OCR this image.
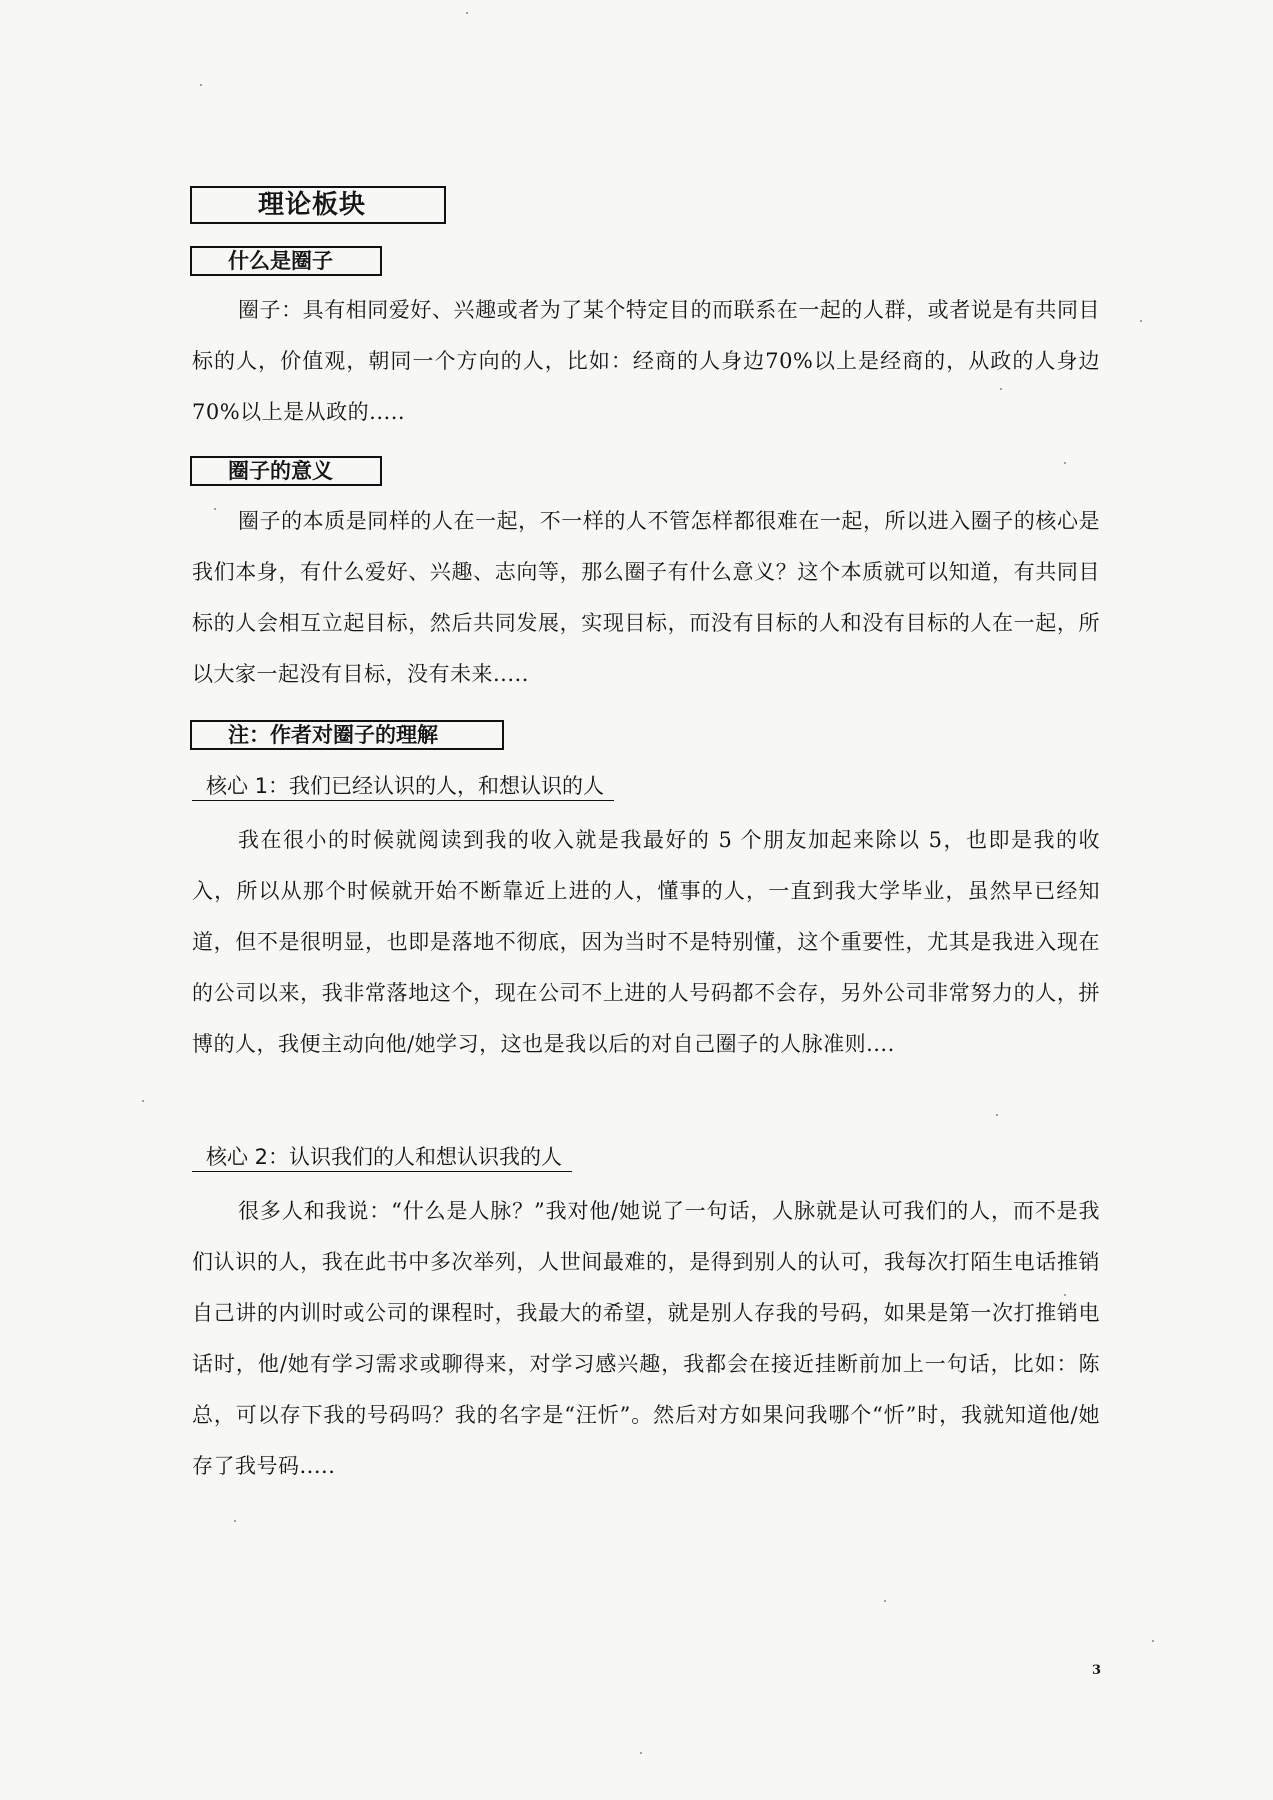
理论板块
什么是圈子

圈子：具有相同爱好、兴趣或者为了某个特定目的而联系在一起的人群，或者说是有共同目标的人，价值观，朝同一个方向的人，比如：经商的人身边70%以上是经商的，从政的人身边70%以上是从政的.....

圈子的意义

圈子的本质是同样的人在一起，不一样的人不管怎样都很难在一起，所以进入圈子的核心是我们本身，有什么爱好、兴趣、志向等，那么圈子有什么意义？这个本质就可以知道，有共同目标的人会相互立起目标，然后共同发展，实现目标，而没有目标的人和没有目标的人在一起，所以大家一起没有目标，没有未来.....

注：作者对圈子的理解
核心 1：我们已经认识的人，和想认识的人

我在很小的时候就阅读到我的收入就是我最好的 5 个朋友加起来除以 5，也即是我的收入，所以从那个时候就开始不断靠近上进的人，懂事的人，一直到我大学毕业，虽然早已经知道，但不是很明显，也即是落地不彻底，因为当时不是特别懂，这个重要性，尤其是我进入现在的公司以来，我非常落地这个，现在公司不上进的人号码都不会存，另外公司非常努力的人，拼博的人，我便主动向他/她学习，这也是我以后的对自己圈子的人脉准则....

核心 2：认识我们的人和想认识我的人

很多人和我说：“什么是人脉？”我对他/她说了一句话，人脉就是认可我们的人，而不是我们认识的人，我在此书中多次举列，人世间最难的，是得到别人的认可，我每次打陌生电话推销自己讲的内训时或公司的课程时，我最大的希望，就是别人存我的号码，如果是第一次打推销电话时，他/她有学习需求或聊得来，对学习感兴趣，我都会在接近挂断前加上一句话，比如：陈总，可以存下我的号码吗？我的名字是“汪忻”。然后对方如果问我哪个“忻”时，我就知道他/她存了我号码.....

3
